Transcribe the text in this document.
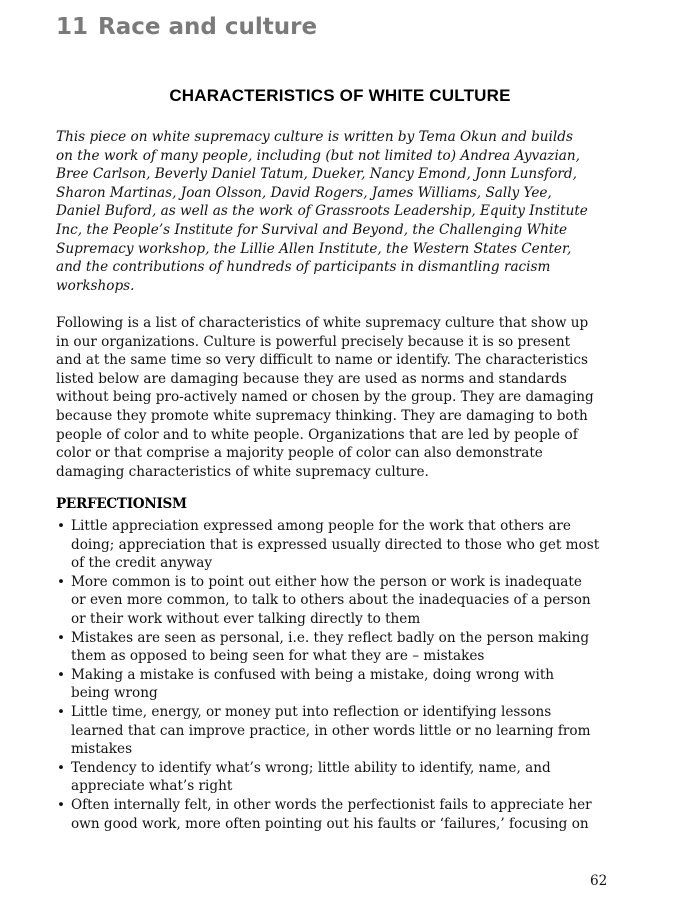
11 Race and culture
CHARACTERISTICS OF WHITE CULTURE
This piece on white supremacy culture is written by Tema Okun and builds
on the work of many people, including (but not limited to) Andrea Ayvazian,
Bree Carlson, Beverly Daniel Tatum, Dueker, Nancy Emond, Jonn Lunsford,
Sharon Martinas, Joan Olsson, David Rogers, James Williams, Sally Yee,
Daniel Buford, as well as the work of Grassroots Leadership, Equity Institute
Inc, the People’s Institute for Survival and Beyond, the Challenging White
Supremacy workshop, the Lillie Allen Institute, the Western States Center,
and the contributions of hundreds of participants in dismantling racism
workshops.
Following is a list of characteristics of white supremacy culture that show up
in our organizations. Culture is powerful precisely because it is so present
and at the same time so very difficult to name or identify. The characteristics
listed below are damaging because they are used as norms and standards
without being pro-actively named or chosen by the group. They are damaging
because they promote white supremacy thinking. They are damaging to both
people of color and to white people. Organizations that are led by people of
color or that comprise a majority people of color can also demonstrate
damaging characteristics of white supremacy culture.
PERFECTIONISM
• Little appreciation expressed among people for the work that others are
doing; appreciation that is expressed usually directed to those who get most
of the credit anyway
• More common is to point out either how the person or work is inadequate
or even more common, to talk to others about the inadequacies of a person
or their work without ever talking directly to them
• Mistakes are seen as personal, i.e. they reflect badly on the person making
them as opposed to being seen for what they are – mistakes
• Making a mistake is confused with being a mistake, doing wrong with
being wrong
• Little time, energy, or money put into reflection or identifying lessons
learned that can improve practice, in other words little or no learning from
mistakes
• Tendency to identify what’s wrong; little ability to identify, name, and
appreciate what’s right
• Often internally felt, in other words the perfectionist fails to appreciate her
own good work, more often pointing out his faults or ‘failures,’ focusing on
62
